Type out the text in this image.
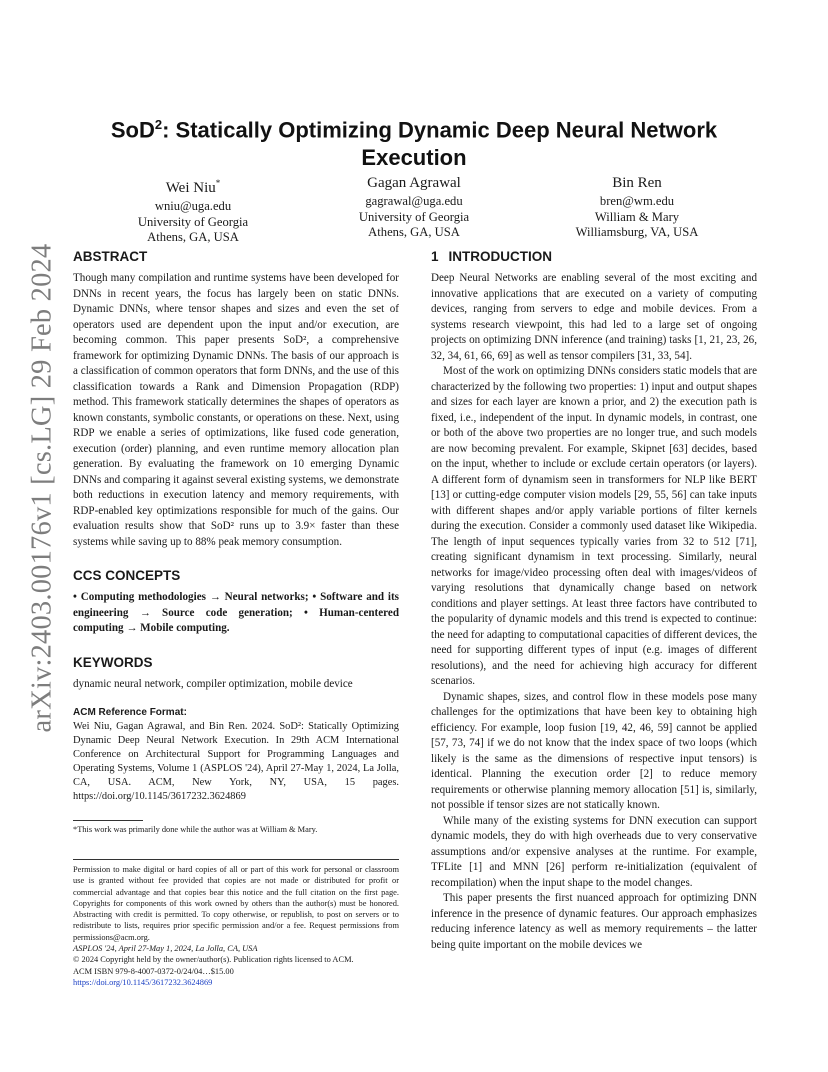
arXiv:2403.00176v1 [cs.LG] 29 Feb 2024
SoD$^2$: Statically Optimizing Dynamic Deep Neural Network Execution
Wei Niu*
wniu@uga.edu
University of Georgia
Athens, GA, USA
Gagan Agrawal
gagrawal@uga.edu
University of Georgia
Athens, GA, USA
Bin Ren
bren@wm.edu
William & Mary
Williamsburg, VA, USA
ABSTRACT

Though many compilation and runtime systems have been developed for DNNs in recent years, the focus has largely been on static DNNs. Dynamic DNNs, where tensor shapes and sizes and even the set of operators used are dependent upon the input and/or execution, are becoming common. This paper presents SoD², a comprehensive framework for optimizing Dynamic DNNs. The basis of our approach is a classification of common operators that form DNNs, and the use of this classification towards a Rank and Dimension Propagation (RDP) method. This framework statically determines the shapes of operators as known constants, symbolic constants, or operations on these. Next, using RDP we enable a series of optimizations, like fused code generation, execution (order) planning, and even runtime memory allocation plan generation. By evaluating the framework on 10 emerging Dynamic DNNs and comparing it against several existing systems, we demonstrate both reductions in execution latency and memory requirements, with RDP-enabled key optimizations responsible for much of the gains. Our evaluation results show that SoD² runs up to 3.9× faster than these systems while saving up to 88% peak memory consumption.

CCS CONCEPTS
• Computing methodologies → Neural networks; • Software and its engineering → Source code generation; • Human-centered computing → Mobile computing.
KEYWORDS
dynamic neural network, compiler optimization, mobile device
ACM Reference Format:
Wei Niu, Gagan Agrawal, and Bin Ren. 2024. SoD²: Statically Optimizing Dynamic Deep Neural Network Execution. In 29th ACM International Conference on Architectural Support for Programming Languages and Operating Systems, Volume 1 (ASPLOS '24), April 27-May 1, 2024, La Jolla, CA, USA. ACM, New York, NY, USA, 15 pages. https://doi.org/10.1145/3617232.3624869
*This work was primarily done while the author was at William & Mary.
Permission to make digital or hard copies of all or part of this work for personal or classroom use is granted without fee provided that copies are not made or distributed for profit or commercial advantage and that copies bear this notice and the full citation on the first page. Copyrights for components of this work owned by others than the author(s) must be honored. Abstracting with credit is permitted. To copy otherwise, or republish, to post on servers or to redistribute to lists, requires prior specific permission and/or a fee. Request permissions from permissions@acm.org.
ASPLOS '24, April 27-May 1, 2024, La Jolla, CA, USA
© 2024 Copyright held by the owner/author(s). Publication rights licensed to ACM.
ACM ISBN 979-8-4007-0372-0/24/04…$15.00
https://doi.org/10.1145/3617232.3624869
1 INTRODUCTION

Deep Neural Networks are enabling several of the most exciting and innovative applications that are executed on a variety of computing devices, ranging from servers to edge and mobile devices. From a systems research viewpoint, this had led to a large set of ongoing projects on optimizing DNN inference (and training) tasks [1, 21, 23, 26, 32, 34, 61, 66, 69] as well as tensor compilers [31, 33, 54].

Most of the work on optimizing DNNs considers static models that are characterized by the following two properties: 1) input and output shapes and sizes for each layer are known a prior, and 2) the execution path is fixed, i.e., independent of the input. In dynamic models, in contrast, one or both of the above two properties are no longer true, and such models are now becoming prevalent. For example, Skipnet [63] decides, based on the input, whether to include or exclude certain operators (or layers). A different form of dynamism seen in transformers for NLP like BERT [13] or cutting-edge computer vision models [29, 55, 56] can take inputs with different shapes and/or apply variable portions of filter kernels during the execution. Consider a commonly used dataset like Wikipedia. The length of input sequences typically varies from 32 to 512 [71], creating significant dynamism in text processing. Similarly, neural networks for image/video processing often deal with images/videos of varying resolutions that dynamically change based on network conditions and player settings. At least three factors have contributed to the popularity of dynamic models and this trend is expected to continue: the need for adapting to computational capacities of different devices, the need for supporting different types of input (e.g. images of different resolutions), and the need for achieving high accuracy for different scenarios.

Dynamic shapes, sizes, and control flow in these models pose many challenges for the optimizations that have been key to obtaining high efficiency. For example, loop fusion [19, 42, 46, 59] cannot be applied [57, 73, 74] if we do not know that the index space of two loops (which likely is the same as the dimensions of respective input tensors) is identical. Planning the execution order [2] to reduce memory requirements or otherwise planning memory allocation [51] is, similarly, not possible if tensor sizes are not statically known.

While many of the existing systems for DNN execution can support dynamic models, they do with high overheads due to very conservative assumptions and/or expensive analyses at the runtime. For example, TFLite [1] and MNN [26] perform re-initialization (equivalent of recompilation) when the input shape to the model changes.

This paper presents the first nuanced approach for optimizing DNN inference in the presence of dynamic features. Our approach emphasizes reducing inference latency as well as memory requirements – the latter being quite important on the mobile devices we
